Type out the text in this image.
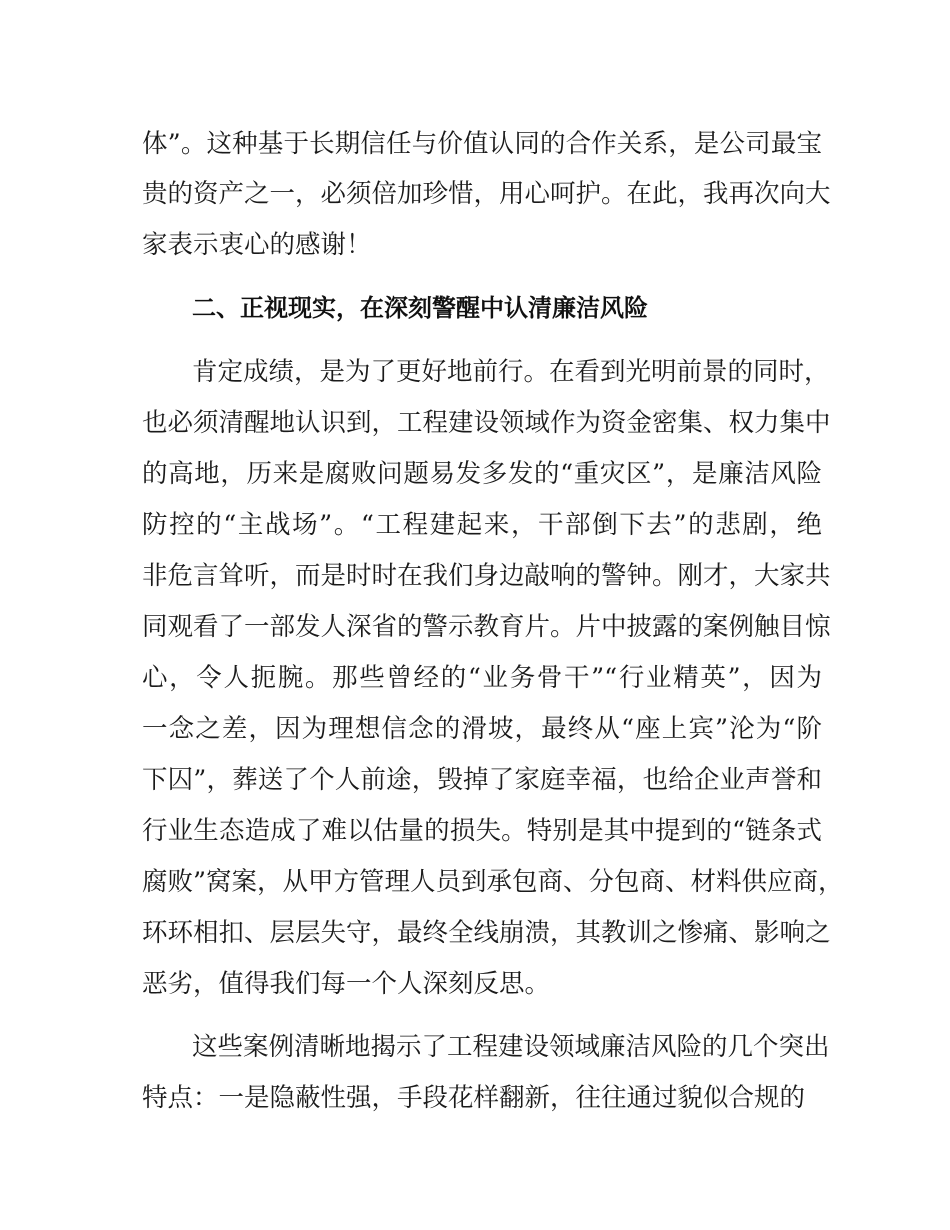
体”。这种基于长期信任与价值认同的合作关系，是公司最宝
贵的资产之一，必须倍加珍惜，用心呵护。在此，我再次向大
家表示衷心的感谢！
二、正视现实，在深刻警醒中认清廉洁风险
肯定成绩，是为了更好地前行。在看到光明前景的同时，
也必须清醒地认识到，工程建设领域作为资金密集、权力集中
的高地，历来是腐败问题易发多发的“重灾区”，是廉洁风险
防控的“主战场”。“工程建起来，干部倒下去”的悲剧，绝
非危言耸听，而是时时在我们身边敲响的警钟。刚才，大家共
同观看了一部发人深省的警示教育片。片中披露的案例触目惊
心，令人扼腕。那些曾经的“业务骨干”“行业精英”，因为
一念之差，因为理想信念的滑坡，最终从“座上宾”沦为“阶
下囚”，葬送了个人前途，毁掉了家庭幸福，也给企业声誉和
行业生态造成了难以估量的损失。特别是其中提到的“链条式
腐败”窝案，从甲方管理人员到承包商、分包商、材料供应商，
环环相扣、层层失守，最终全线崩溃，其教训之惨痛、影响之
恶劣，值得我们每一个人深刻反思。
这些案例清晰地揭示了工程建设领域廉洁风险的几个突出
特点：一是隐蔽性强，手段花样翻新，往往通过貌似合规的
